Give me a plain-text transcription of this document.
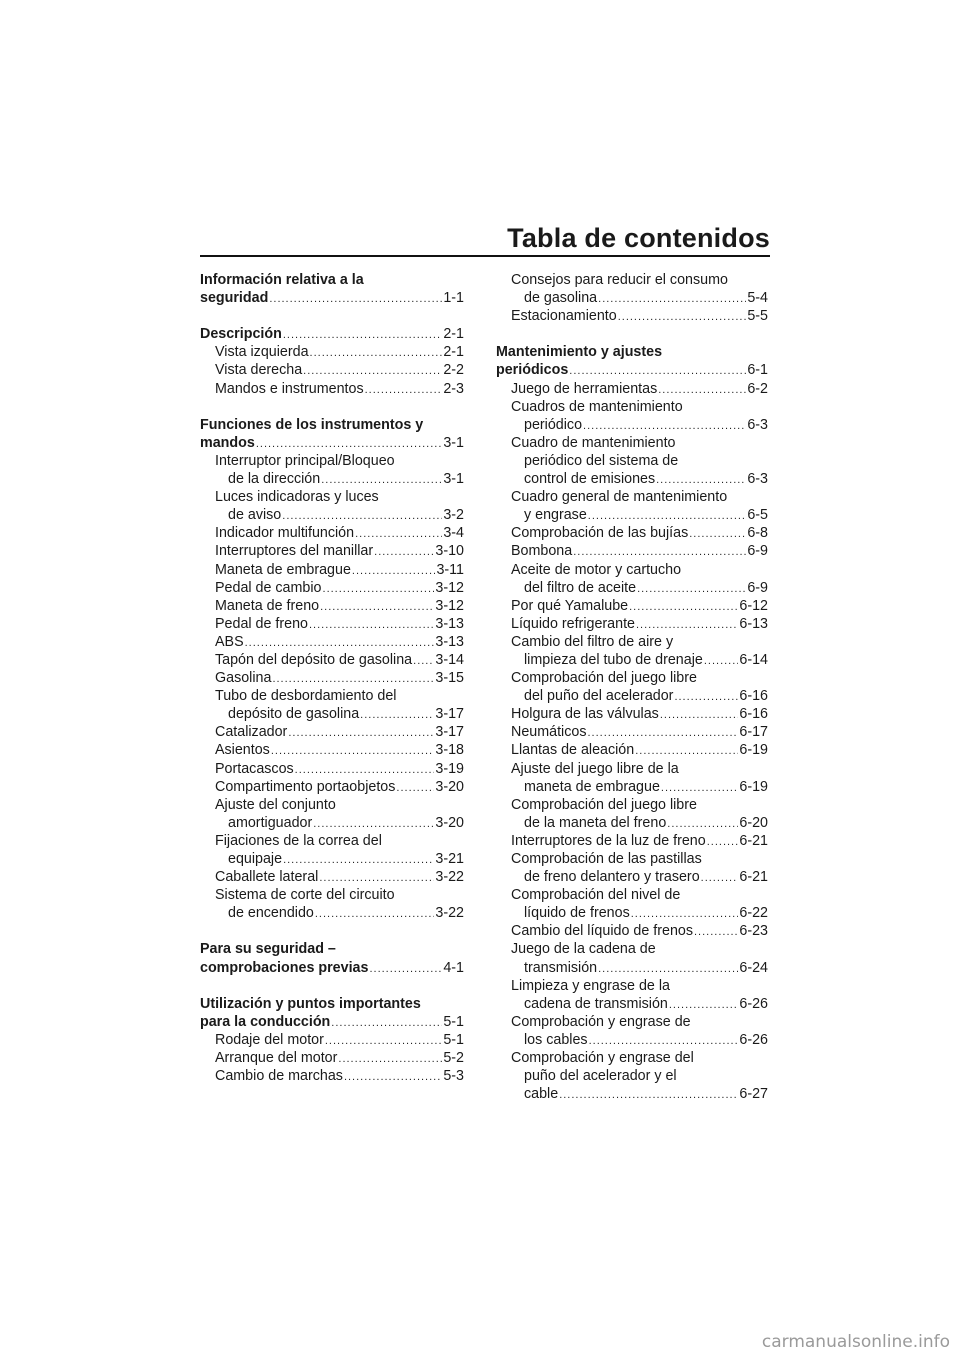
Tabla de contenidos
Información relativa a la
seguridad .....	1-1
Descripción .....	2-1
Vista izquierda .....	2-1
Vista derecha .....	2-2
Mandos e instrumentos .....	2-3
Funciones de los instrumentos y
mandos .....	3-1
Interruptor principal/Bloqueo
de la dirección .....	3-1
Luces indicadoras y luces
de aviso .....	3-2
Indicador multifunción .....	3-4
Interruptores del manillar .....	3-10
Maneta de embrague .....	3-11
Pedal de cambio .....	3-12
Maneta de freno .....	3-12
Pedal de freno .....	3-13
ABS .....	3-13
Tapón del depósito de gasolina ..... 3-14
Gasolina .....	3-15
Tubo de desbordamiento del
depósito de gasolina .....	3-17
Catalizador .....	3-17
Asientos .....	3-18
Portacascos .....	3-19
Compartimento portaobjetos .....	3-20
Ajuste del conjunto
amortiguador .....	3-20
Fijaciones de la correa del
equipaje .....	3-21
Caballete lateral .....	3-22
Sistema de corte del circuito
de encendido .....	3-22
Para su seguridad –
comprobaciones previas .....	4-1
Utilización y puntos importantes
para la conducción .....	5-1
Rodaje del motor .....	5-1
Arranque del motor .....	5-2
Cambio de marchas .....	5-3
Consejos para reducir el consumo
de gasolina .....	5-4
Estacionamiento .....	5-5
Mantenimiento y ajustes
periódicos .....	6-1
Juego de herramientas .....	6-2
Cuadros de mantenimiento
periódico .....	6-3
Cuadro de mantenimiento
periódico del sistema de
control de emisiones .....	6-3
Cuadro general de mantenimiento
y engrase .....	6-5
Comprobación de las bujías .....	6-8
Bombona .....	6-9
Aceite de motor y cartucho
del filtro de aceite .....	6-9
Por qué Yamalube .....	6-12
Líquido refrigerante .....	6-13
Cambio del filtro de aire y
limpieza del tubo de drenaje .....	6-14
Comprobación del juego libre
del puño del acelerador .....	6-16
Holgura de las válvulas .....	6-16
Neumáticos .....	6-17
Llantas de aleación .....	6-19
Ajuste del juego libre de la
maneta de embrague .....	6-19
Comprobación del juego libre
de la maneta del freno .....	6-20
Interruptores de la luz de freno ..... 6-21
Comprobación de las pastillas
de freno delantero y trasero .....	6-21
Comprobación del nivel de
líquido de frenos .....	6-22
Cambio del líquido de frenos .....	6-23
Juego de la cadena de
transmisión .....	6-24
Limpieza y engrase de la
cadena de transmisión .....	6-26
Comprobación y engrase de
los cables .....	6-26
Comprobación y engrase del
puño del acelerador y el
cable .....	6-27
carmanualsonline.info
